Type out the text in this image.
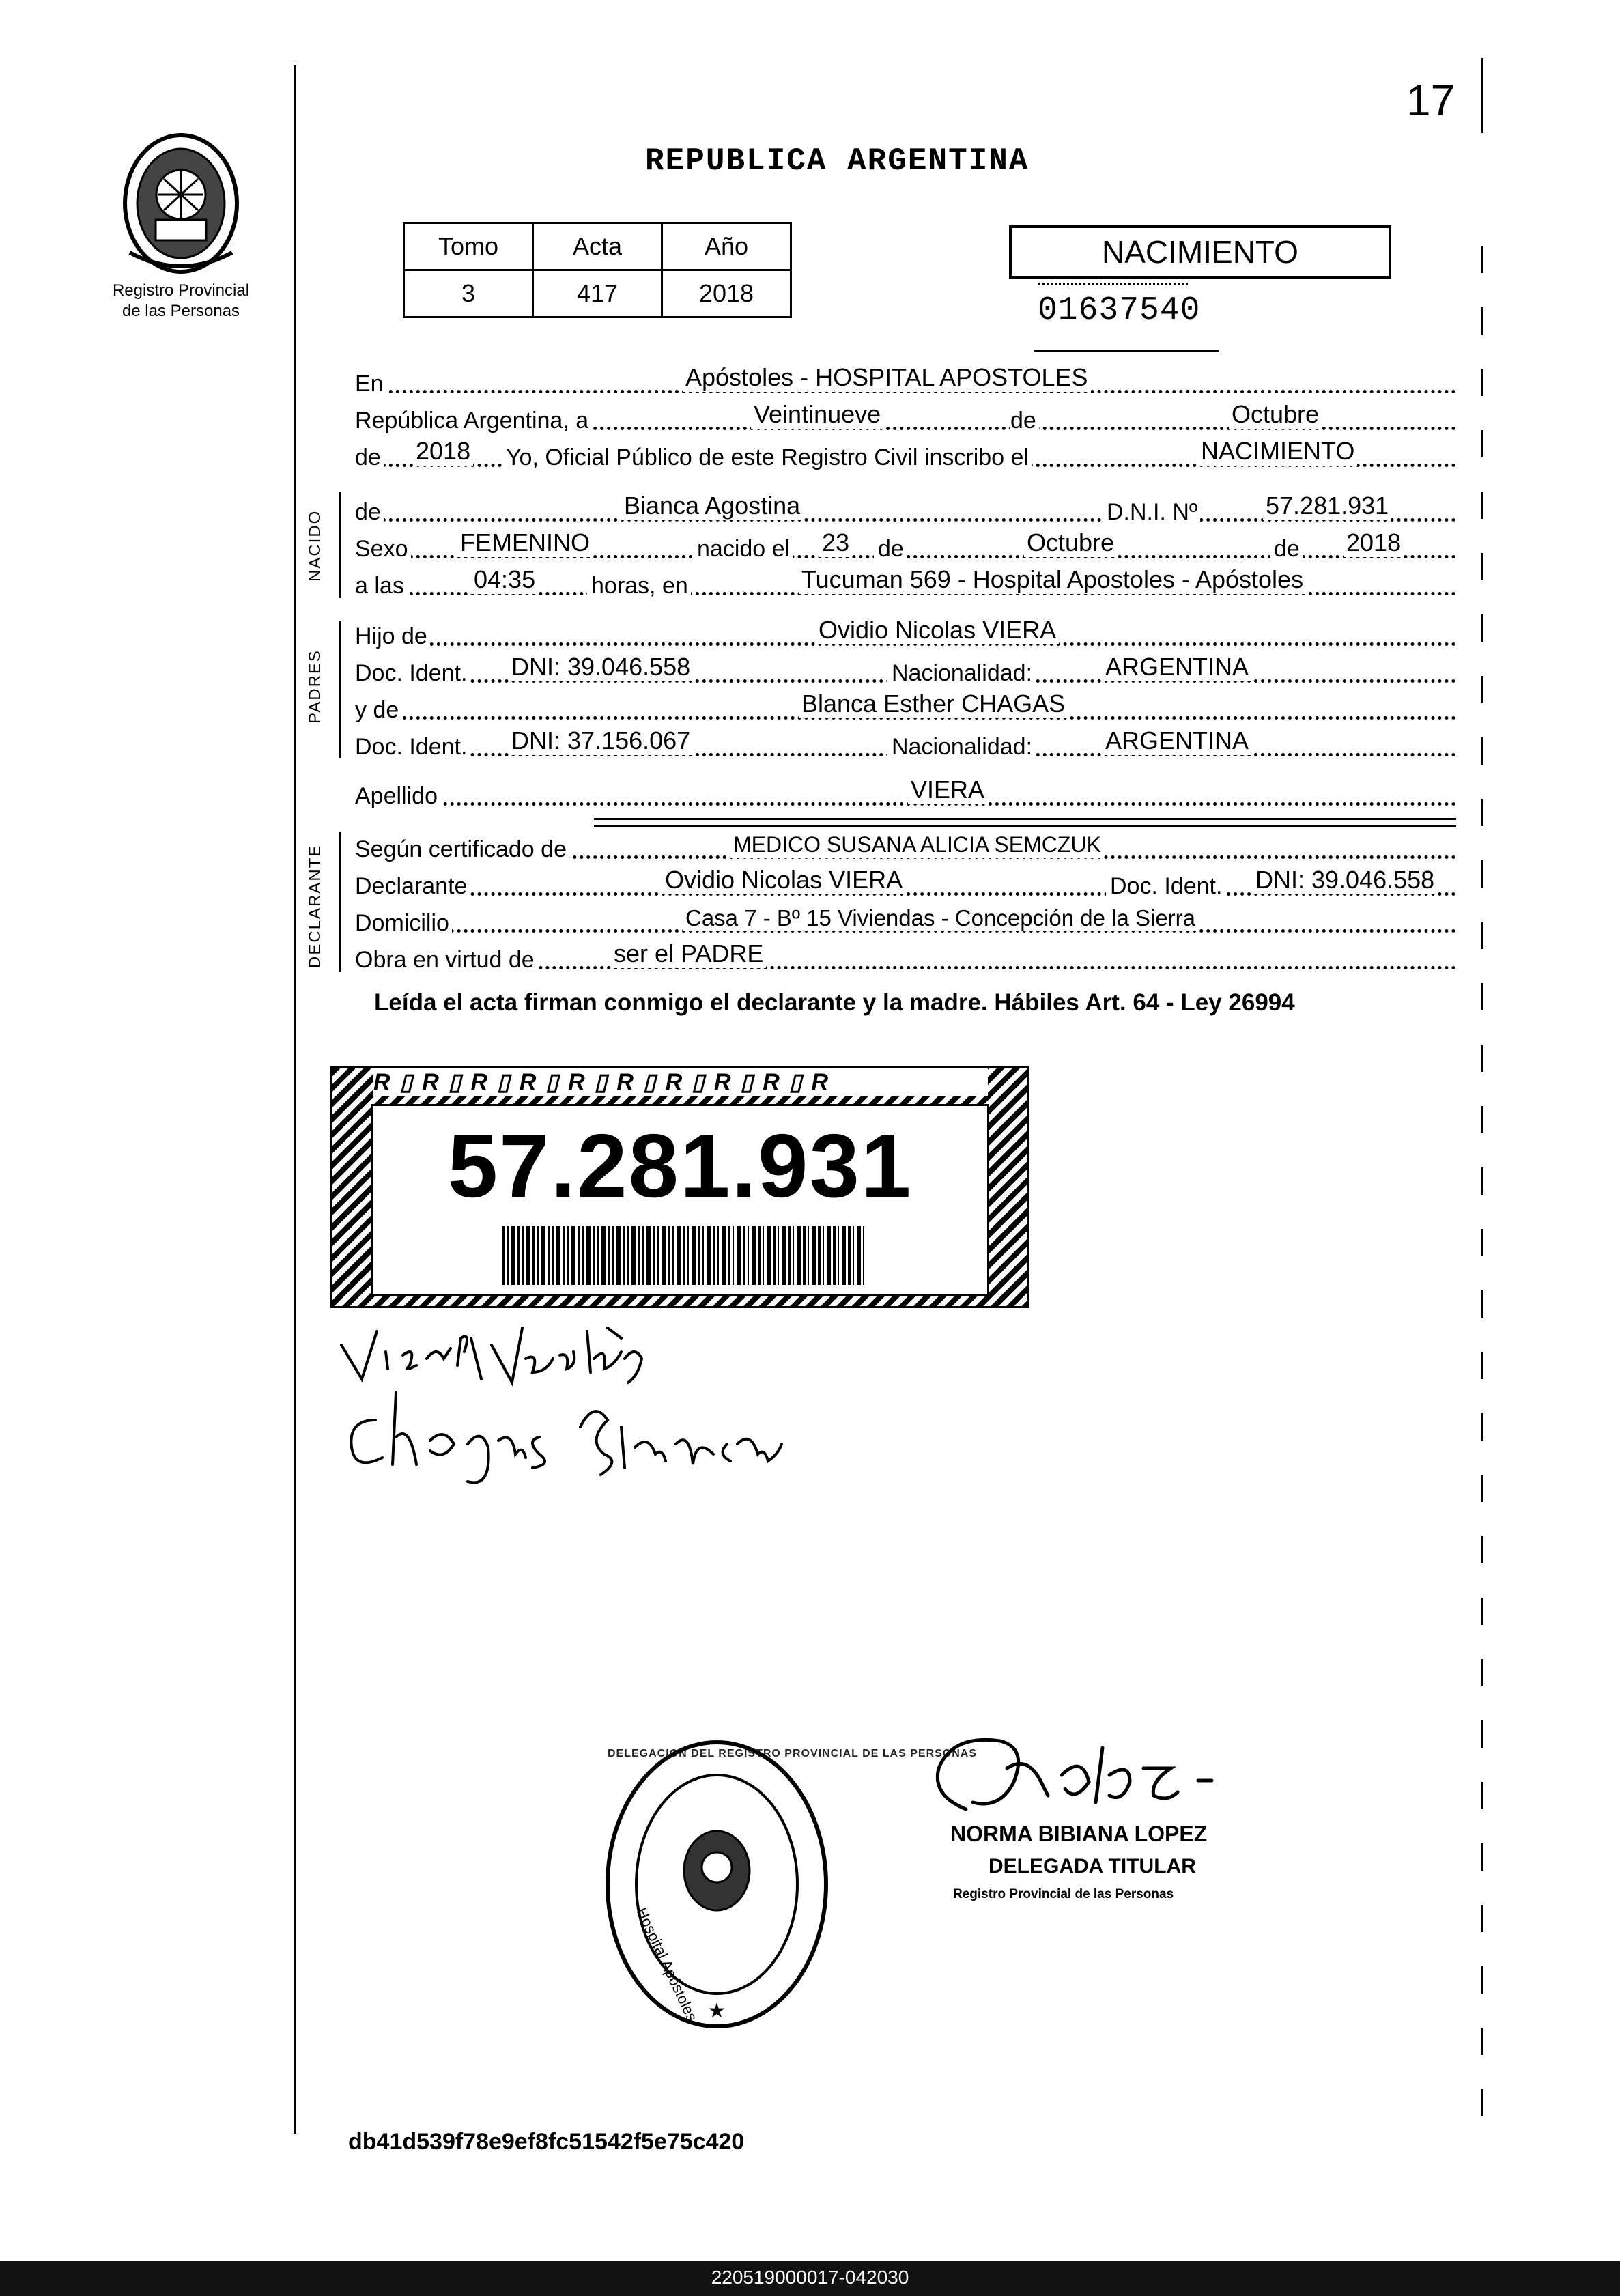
17
Registro Provincial
de las Personas
REPUBLICA ARGENTINA
Tomo	Acta	Año
3	417	2018
NACIMIENTO
01637540
En	Apóstoles - HOSPITAL APOSTOLES
República Argentina, a	Veintinueve	de	Octubre
de 2018 Yo, Oficial Público de este Registro Civil inscribo el	NACIMIENTO
NACIDO de	Bianca Agostina	D.N.I. Nº	57.281.931
Sexo FEMENINO	nacido el 23 de	Octubre	de 2018
a las	04:35 horas, en	Tucuman 569 - Hospital Apostoles - Apóstoles
PADRES
Hijo de	Ovidio Nicolas VIERA
Doc. Ident. DNI: 39.046.558	Nacionalidad:	ARGENTINA
y de	Blanca Esther CHAGAS
Doc. Ident. DNI: 37.156.067	Nacionalidad:	ARGENTINA
Apellido	VIERA
DECLARANTE Según certificado de	MEDICO SUSANA ALICIA SEMCZUK
Declarante	Ovidio Nicolas VIERA	Doc. Ident. DNI: 39.046.558
Domicilio	Casa 7 - Bº 15 Viviendas - Concepción de la Sierra
Obra en virtud de	ser el PADRE
Leída el acta firman conmigo el declarante y la madre. Hábiles Art. 64 - Ley 26994
R▯R▯R▯R▯R▯R▯R▯R▯R▯R
57.281.931
★
Hospital Apóstoles
DELEGACION DEL REGISTRO PROVINCIAL DE LAS PERSONAS
NORMA BIBIANA LOPEZ
DELEGADA TITULAR
Registro Provincial de las Personas
db41d539f78e9ef8fc51542f5e75c420
220519000017-042030
